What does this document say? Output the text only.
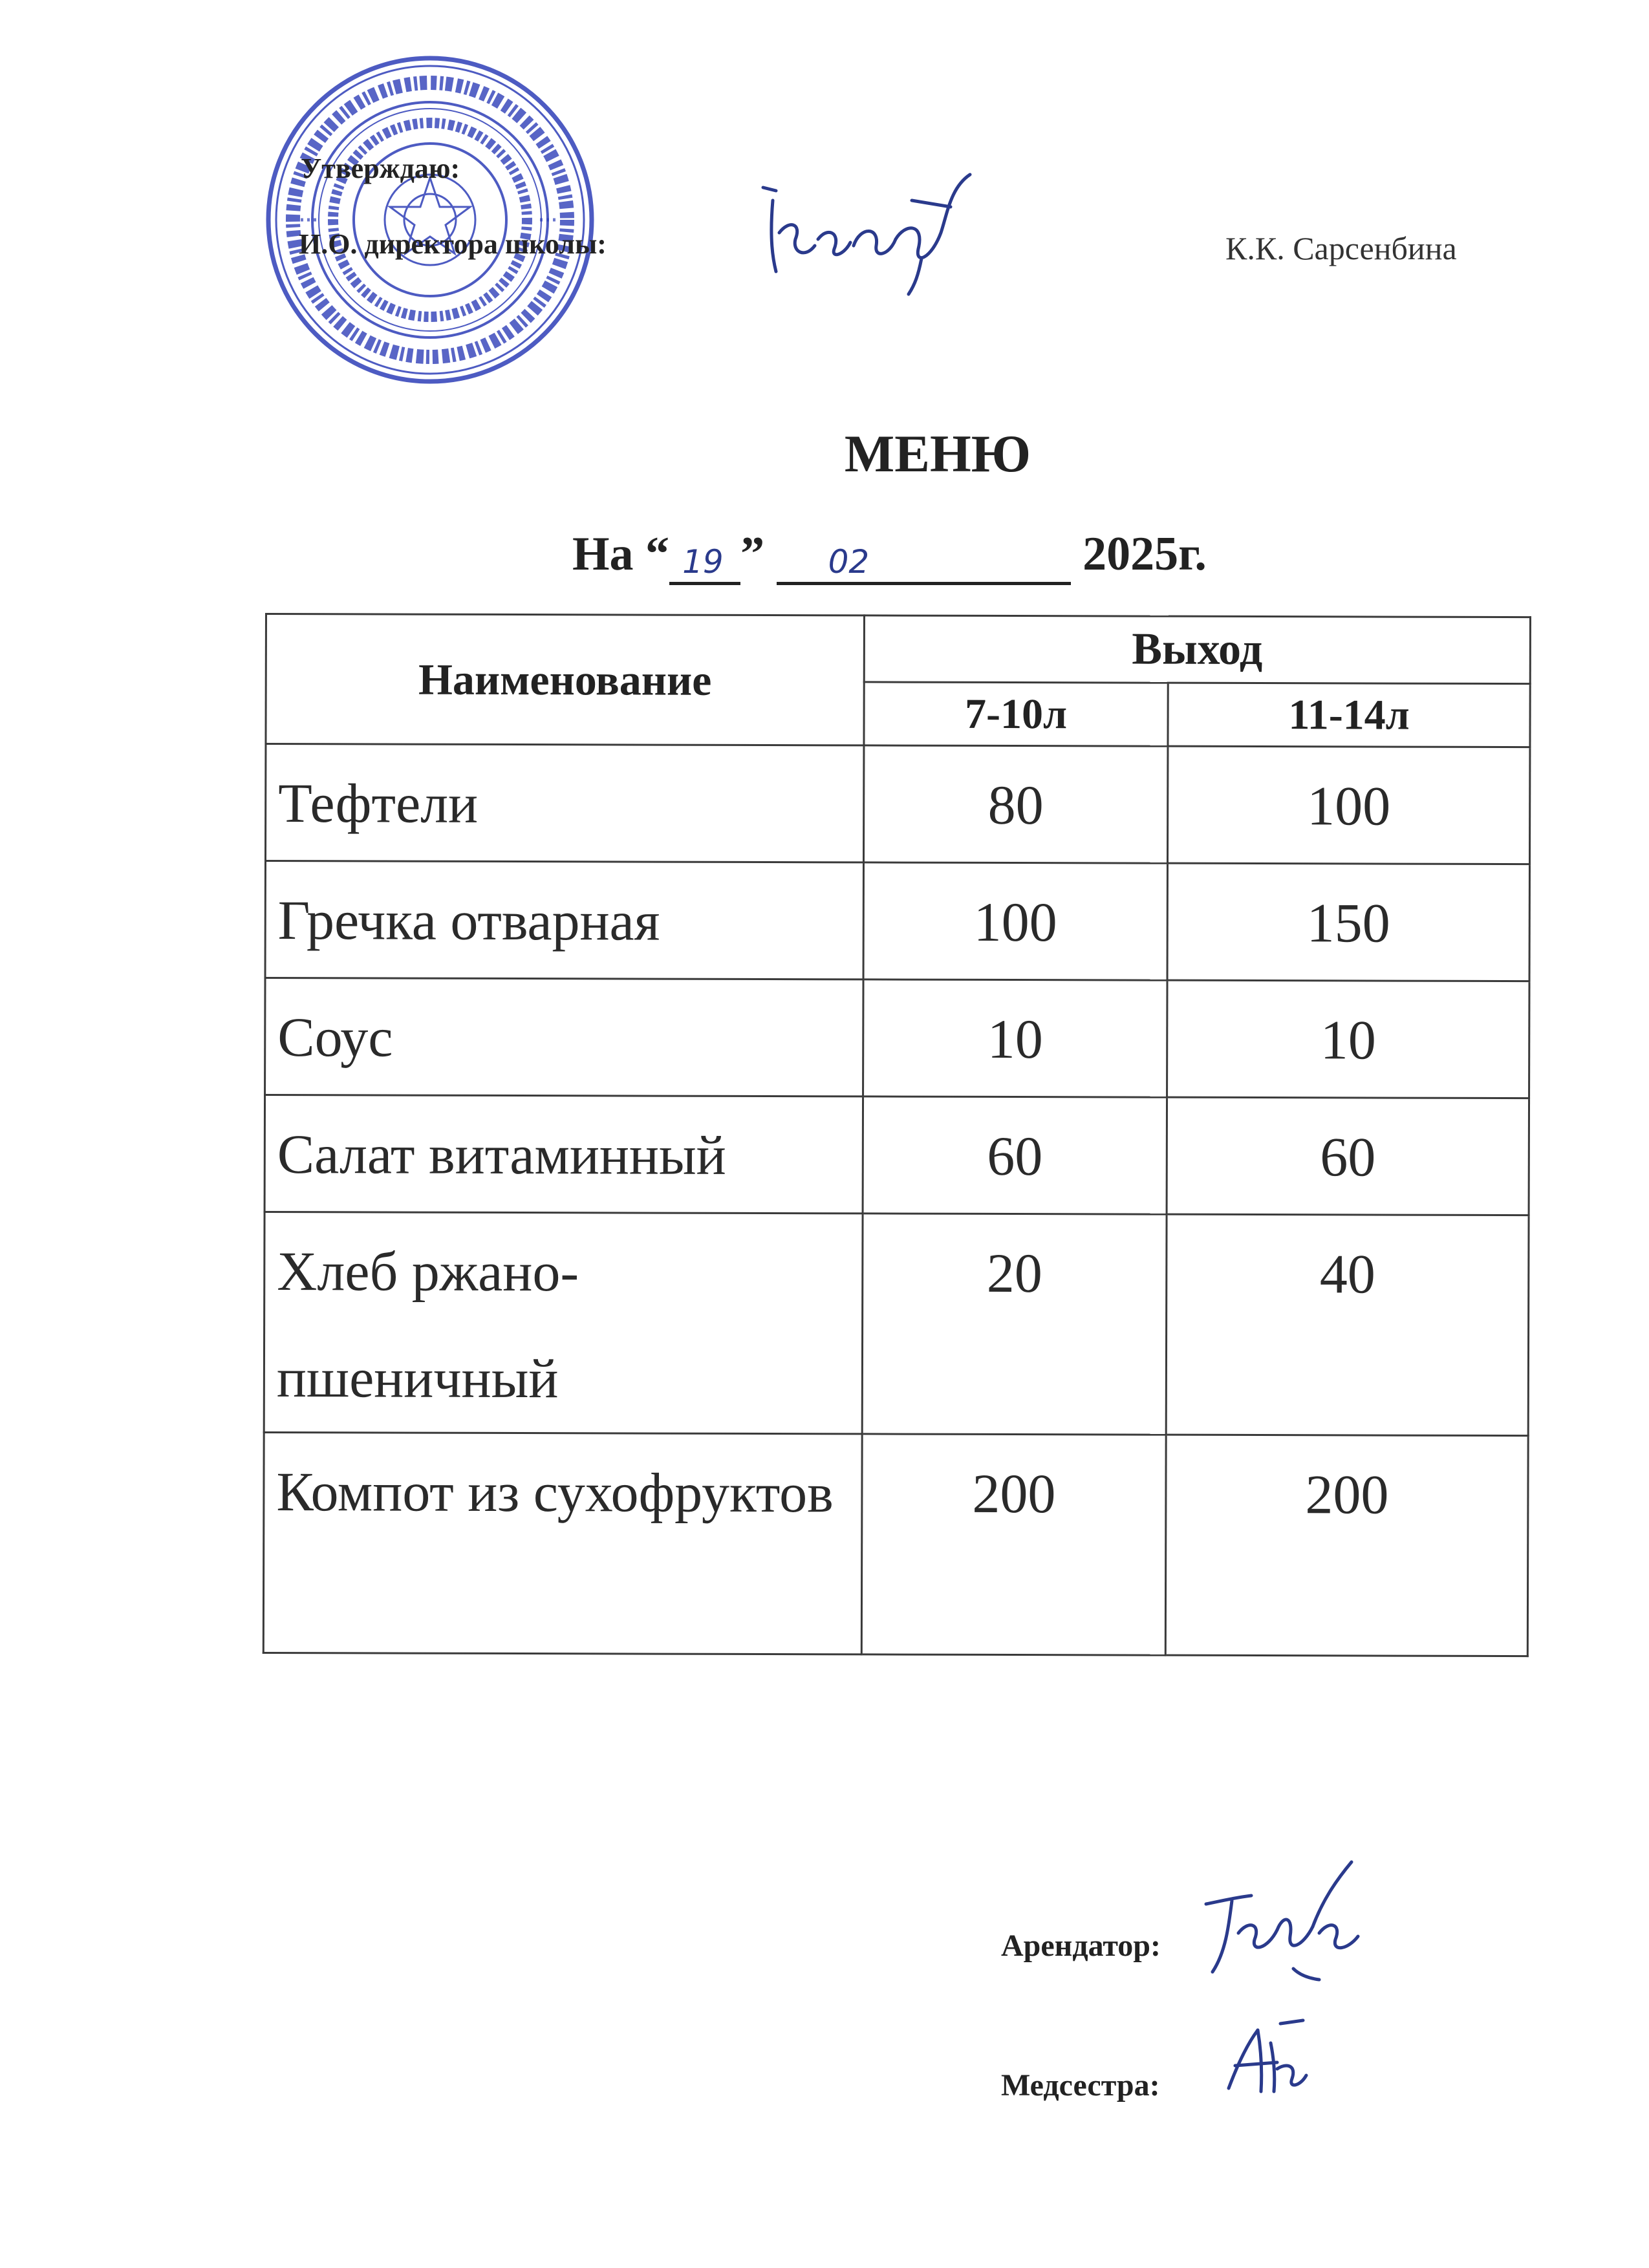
Утверждаю:
И.О. директора школы:	К.К. Сарсенбина
МЕНЮ
На “ 19 ” 02	2025г.
Наименование	Выход	
	7-10л	11-14л
Тефтели	80	100
Гречка отварная	100	150
Соус	10	10
Салат витаминный	60	60
Хлеб ржано-пшеничный	20	40
Компот из сухофруктов	200	200
Арендатор:
Медсестра:
